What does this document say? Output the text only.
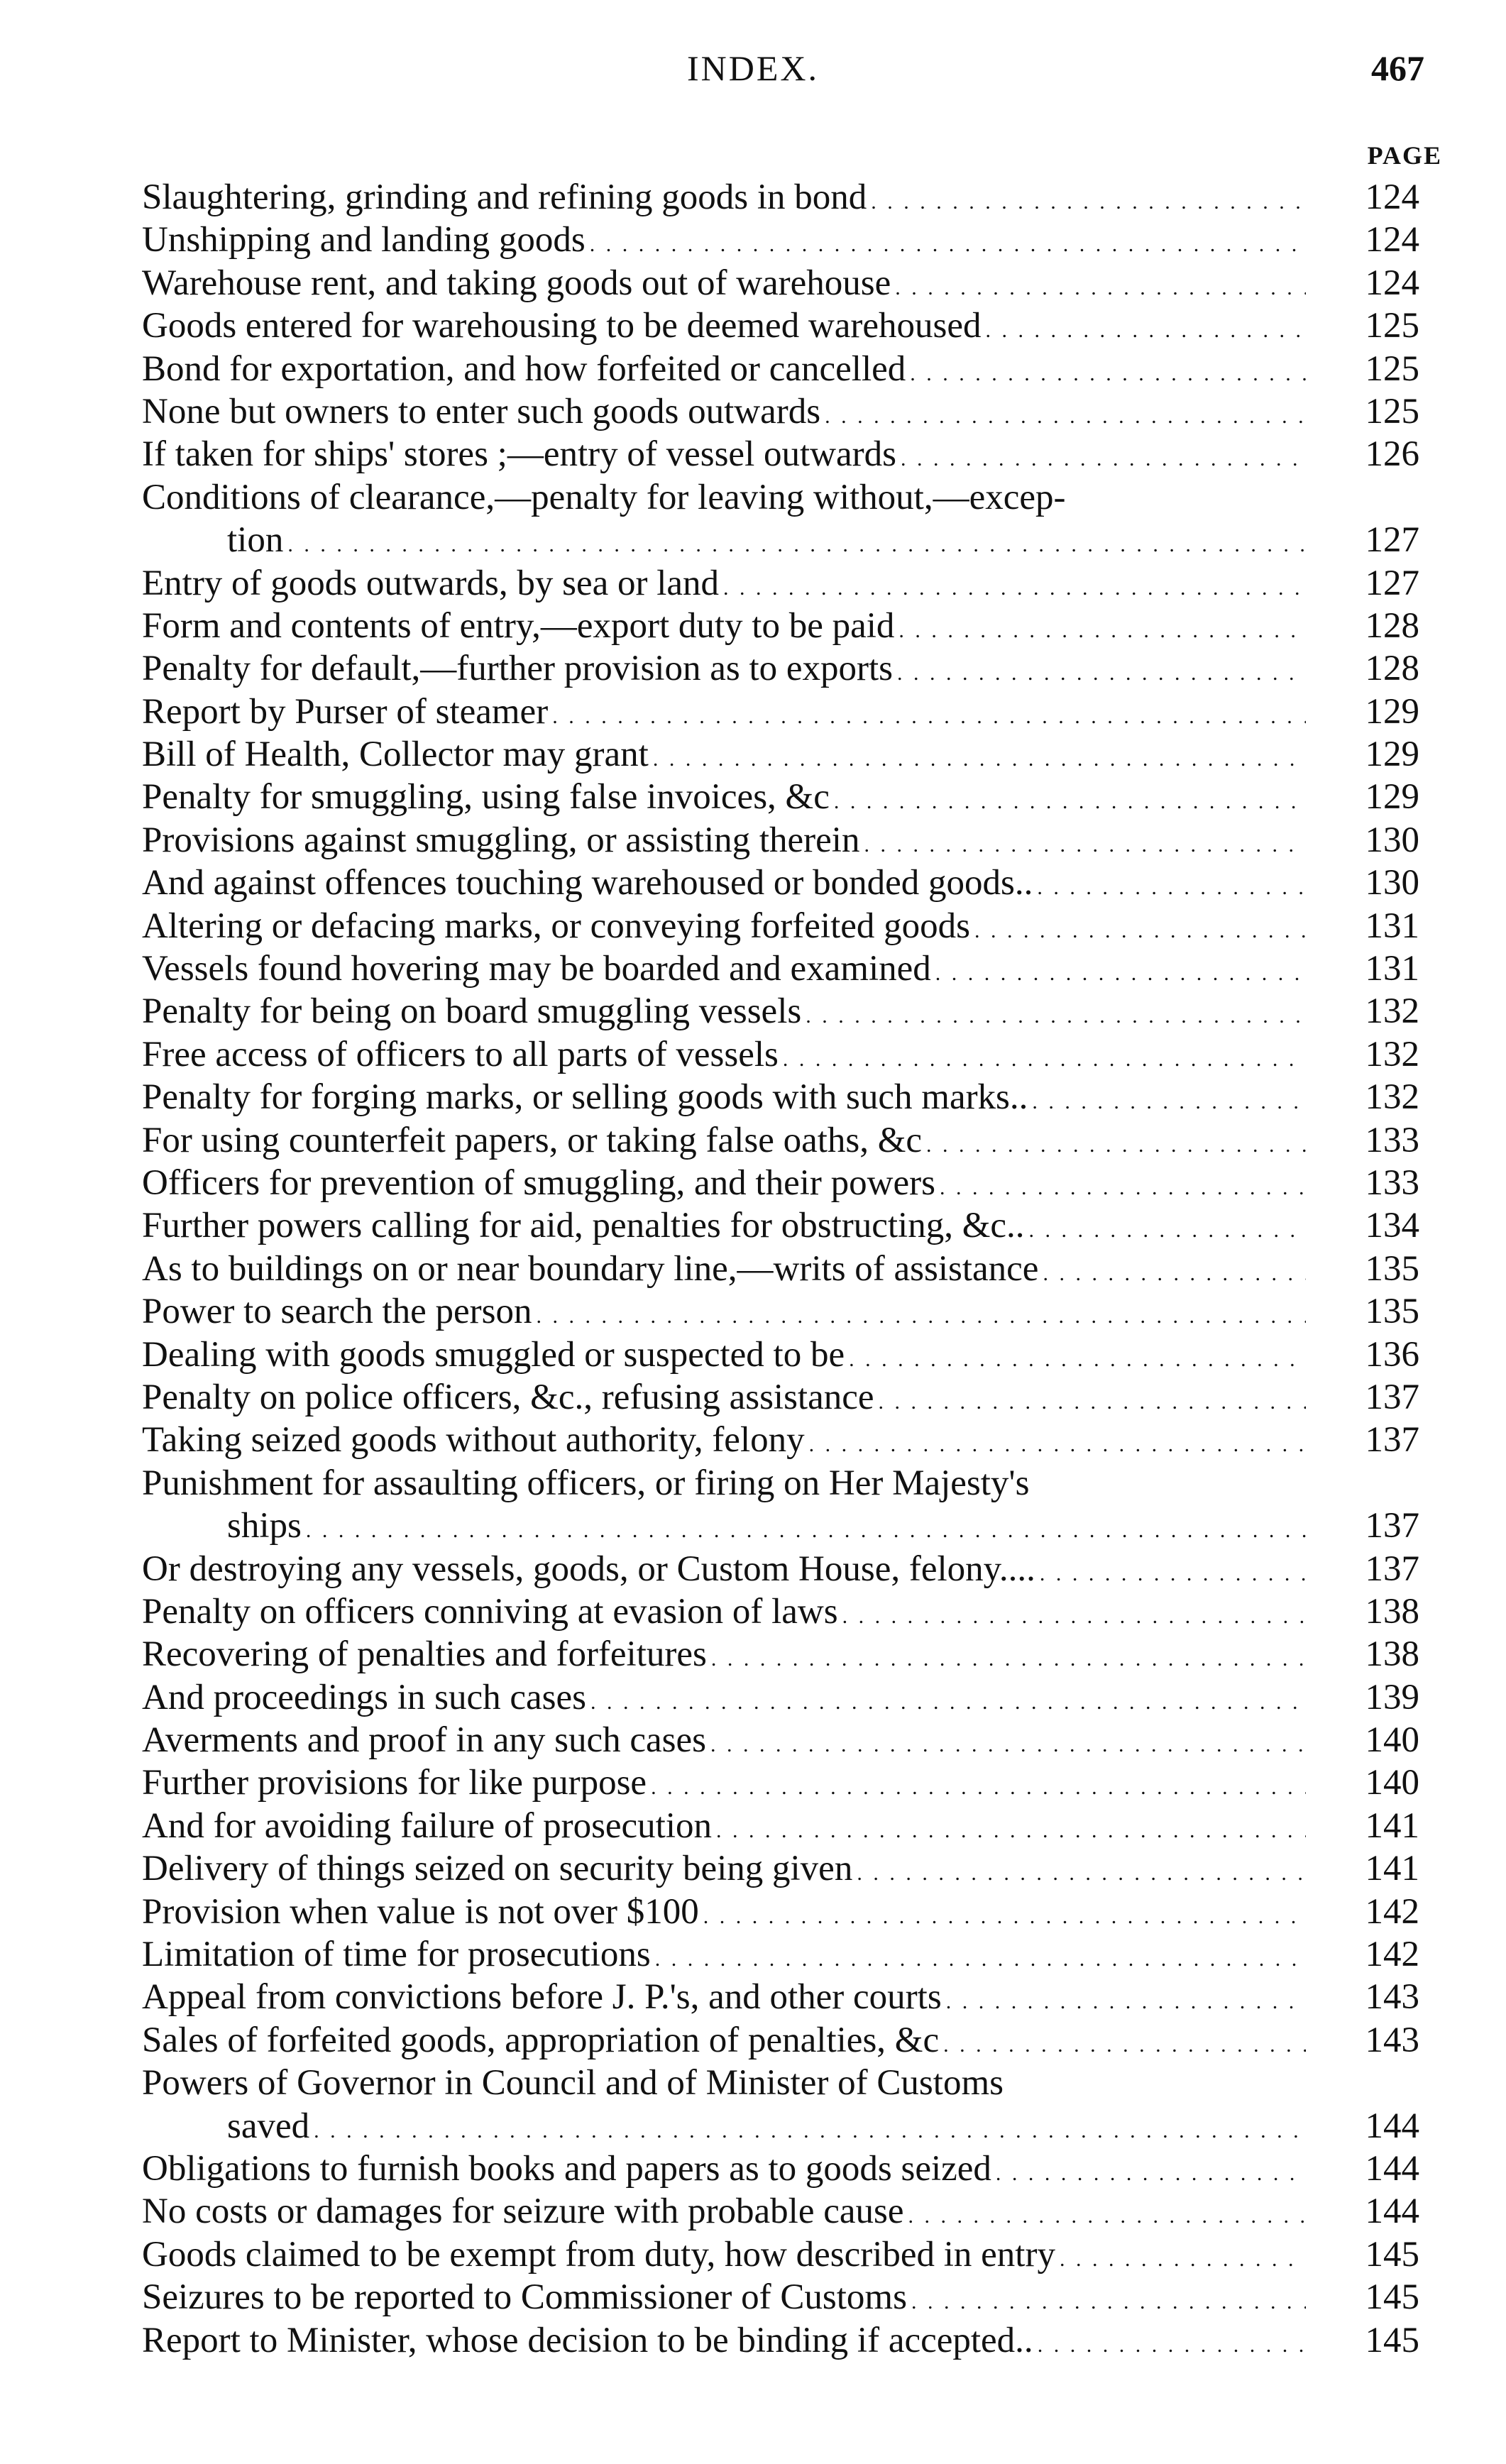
INDEX.	467
PAGE
Slaughtering, grinding and refining goods in bond . . .	124
Unshipping and landing goods . . .	124
Warehouse rent, and taking goods out of warehouse . . .	124
Goods entered for warehousing to be deemed warehoused . . .	125
Bond for exportation, and how forfeited or cancelled . . .	125
None but owners to enter such goods outwards . . .	125
If taken for ships' stores ;—entry of vessel outwards . . .	126
Conditions of clearance,—penalty for leaving without,—excep-
tion . . .	127
Entry of goods outwards, by sea or land . . .	127
Form and contents of entry,—export duty to be paid . . .	128
Penalty for default,—further provision as to exports . . .	128
Report by Purser of steamer . . .	129
Bill of Health, Collector may grant . . .	129
Penalty for smuggling, using false invoices, &c . . .	129
Provisions against smuggling, or assisting therein . . .	130
And against offences touching warehoused or bonded goods.. . . .	130
Altering or defacing marks, or conveying forfeited goods . . .	131
Vessels found hovering may be boarded and examined . . .	131
Penalty for being on board smuggling vessels . . .	132
Free access of officers to all parts of vessels . . .	132
Penalty for forging marks, or selling goods with such marks.. . . .	132
For using counterfeit papers, or taking false oaths, &c . . .	133
Officers for prevention of smuggling, and their powers . . .	133
Further powers calling for aid, penalties for obstructing, &c.. . . .	134
As to buildings on or near boundary line,—writs of assistance . . .	135
Power to search the person . . .	135
Dealing with goods smuggled or suspected to be . . .	136
Penalty on police officers, &c., refusing assistance . . .	137
Taking seized goods without authority, felony . . .	137
Punishment for assaulting officers, or firing on Her Majesty's
ships . . .	137
Or destroying any vessels, goods, or Custom House, felony.... . . .	137
Penalty on officers conniving at evasion of laws . . .	138
Recovering of penalties and forfeitures . . .	138
And proceedings in such cases . . .	139
Averments and proof in any such cases . . .	140
Further provisions for like purpose . . .	140
And for avoiding failure of prosecution . . .	141
Delivery of things seized on security being given . . .	141
Provision when value is not over $100 . . .	142
Limitation of time for prosecutions . . .	142
Appeal from convictions before J. P.'s, and other courts . . .	143
Sales of forfeited goods, appropriation of penalties, &c . . .	143
Powers of Governor in Council and of Minister of Customs
saved . . .	144
Obligations to furnish books and papers as to goods seized . . .	144
No costs or damages for seizure with probable cause . . .	144
Goods claimed to be exempt from duty, how described in entry . . .	145
Seizures to be reported to Commissioner of Customs . . .	145
Report to Minister, whose decision to be binding if accepted.. . . .	145
